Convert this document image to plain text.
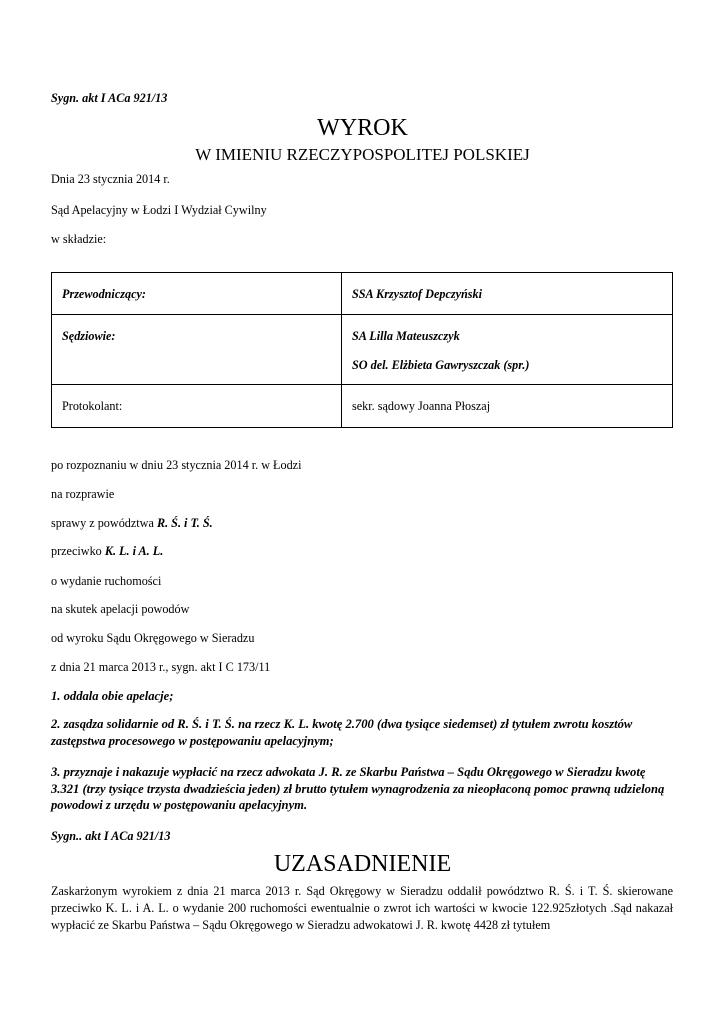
Sygn. akt I ACa 921/13
WYROK
W IMIENIU RZECZYPOSPOLITEJ POLSKIEJ
Dnia 23 stycznia 2014 r.
Sąd Apelacyjny w Łodzi I Wydział Cywilny
w składzie:
Przewodniczący:	SSA Krzysztof Depczyński
Sędziowie:	SA Lilla Mateuszczyk
SO del. Elżbieta Gawryszczak (spr.)

Protokolant:	sekr. sądowy Joanna Płoszaj
po rozpoznaniu w dniu 23 stycznia 2014 r. w Łodzi
na rozprawie
sprawy z powództwa R. Ś. i T. Ś.
przeciwko K. L. i A. L.
o wydanie ruchomości
na skutek apelacji powodów
od wyroku Sądu Okręgowego w Sieradzu
z dnia 21 marca 2013 r., sygn. akt I C 173/11
1. oddala obie apelacje;
2. zasądza solidarnie od R. Ś. i T. Ś. na rzecz K. L. kwotę 2.700 (dwa tysiące siedemset) zł tytułem zwrotu kosztów zastępstwa procesowego w postępowaniu apelacyjnym;
3. przyznaje i nakazuje wypłacić na rzecz adwokata J. R. ze Skarbu Państwa – Sądu Okręgowego w Sieradzu kwotę 3.321 (trzy tysiące trzysta dwadzieścia jeden) zł brutto tytułem wynagrodzenia za nieopłaconą pomoc prawną udzieloną powodowi z urzędu w postępowaniu apelacyjnym.
Sygn.. akt I ACa 921/13
UZASADNIENIE
Zaskarżonym wyrokiem z dnia 21 marca 2013 r. Sąd Okręgowy w Sieradzu oddalił powództwo R. Ś. i T. Ś. skierowane przeciwko K. L. i A. L. o wydanie 200 ruchomości ewentualnie o zwrot ich wartości w kwocie 122.925złotych .Sąd nakazał wypłacić ze Skarbu Państwa – Sądu Okręgowego w Sieradzu adwokatowi J. R. kwotę 4428 zł tytułem
